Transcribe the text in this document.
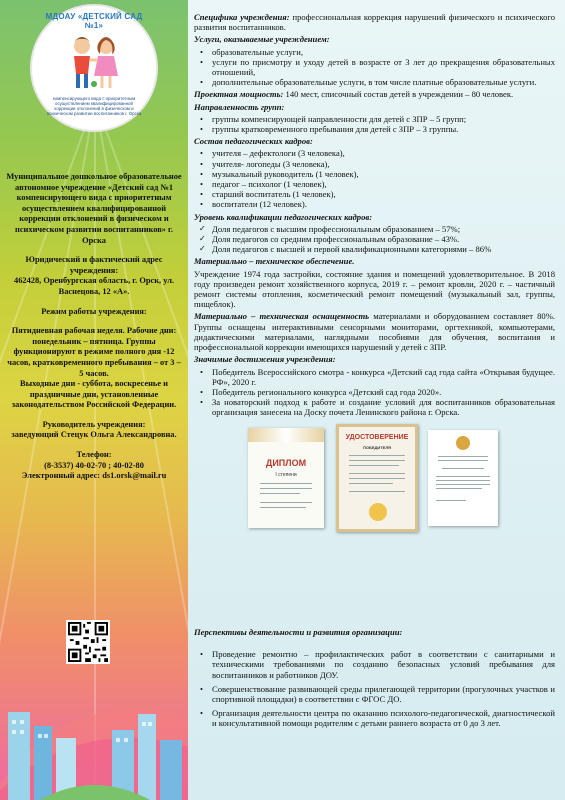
МДОАУ «ДЕТСКИЙ САД №1»
компенсирующего вида с приоритетным осуществлением квалифицированной коррекции отклонений в физическом и психическом развитии воспитанников г. Орска

Муниципальное дошкольное образовательное автономное учреждение «Детский сад №1 компенсирующего вида с приоритетным осуществлением квалифицированной коррекции отклонений в физическом и психическом развитии воспитанников» г. Орска

Юридический и фактический адрес учреждения:

462428, Оренбургская область, г. Орск, ул. Васнецова, 12 «А».

Режим работы учреждения:

Пятидневная рабочая неделя. Рабочие дни: понедельник – пятница. Группы функционируют в режиме полного дня -12 часов, кратковременного пребывания – от 3 – 5 часов.

Выходные дни - суббота, воскресенье и праздничные дни, установленные законодательством Российской Федерации.

Руководитель учреждения:

заведующий Стецук Ольга Александровна.

Телефон:

(8-3537) 40-02-70 ; 40-02-80

Электронный адрес: ds1.orsk@mail.ru

Специфика учреждения: профессиональная коррекция нарушений физического и психического развития воспитанников.

Услуги, оказываемые учреждением:

• образовательные услуги,
• услуги по присмотру и уходу детей в возрасте от 3 лет до прекращения образовательных отношений,
• дополнительные образовательные услуги, в том числе платные образовательные услуги.

Проектная мощность: 140 мест, списочный состав детей в учреждении – 80 человек.

Направленность групп:

• группы компенсирующей направленности для детей с ЗПР – 5 групп;
• группы кратковременного пребывания для детей с ЗПР – 3 группы.

Состав педагогических кадров:

• учителя – дефектологи (3 человека),
• учителя- логопеды (3 человека),
• музыкальный руководитель (1 человек),
• педагог – психолог (1 человек),
• старший воспитатель (1 человек),
• воспитатели (12 человек).

Уровень квалификации педагогических кадров:

✓ Доля педагогов с высшим профессиональным образованием – 57%;
✓ Доля педагогов со средним профессиональным образование – 43%.
✓ Доля педагогов с высшей и первой квалификационными категориями – 86%

Материально – техническое обеспечение.

Учреждение 1974 года застройки, состояние здания и помещений удовлетворительное. В 2018 году произведен ремонт хозяйственного корпуса, 2019 г. – ремонт кровли, 2020 г. – частичный ремонт системы отопления, косметический ремонт помещений (музыкальный зал, группы, пищеблок).

Материально – техническая оснащенность материалами и оборудованием составляет 80%. Группы оснащены интерактивными сенсорными мониторами, оргтехникой, компьютерами, дидактическими материалами, наглядными пособиями для обучения, воспитания и профессиональной коррекции имеющихся нарушений у детей с ЗПР.

Значимые достижения учреждения:

• Победитель Всероссийского смотра - конкурса «Детский сад года сайта «Открывая будущее. РФ», 2020 г.
• Победитель регионального конкурса «Детский сад года 2020».
• За новаторский подход к работе и создание условий для воспитанников образовательная организация занесена на Доску почета Ленинского района г. Орска.
ДИПЛОМ
I степени
УДОСТОВЕРЕНИЕ
ПОБЕДИТЕЛЯ

Перспективы деятельности и развития организации:

• Проведение ремонтно – профилактических работ в соответствии с санитарными и техническими требованиями по созданию безопасных условий пребывания для воспитанников и работников ДОУ.
• Совершенствование развивающей среды прилегающей территории (прогулочных участков и спортивной площадки) в соответствии с ФГОС ДО.
• Организация деятельности центра по оказанию психолого-педагогической, диагностической и консультативной помощи родителям с детьми раннего возраста от 0 до 3 лет.
